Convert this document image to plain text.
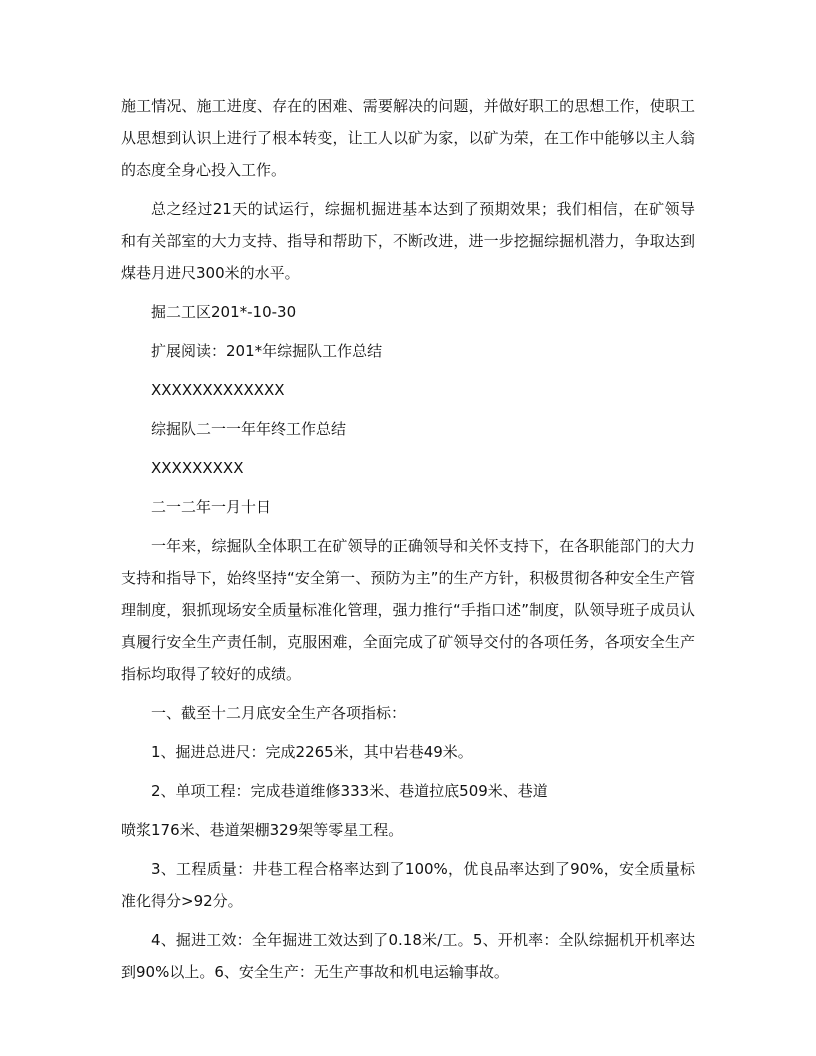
施工情况、施工进度、存在的困难、需要解决的问题，并做好职工的思想工作，使职工从思想到认识上进行了根本转变，让工人以矿为家，以矿为荣，在工作中能够以主人翁的态度全身心投入工作。

总之经过21天的试运行，综掘机掘进基本达到了预期效果；我们相信，在矿领导和有关部室的大力支持、指导和帮助下，不断改进，进一步挖掘综掘机潜力，争取达到煤巷月进尺300米的水平。

掘二工区201*-10-30

扩展阅读：201*年综掘队工作总结

XXXXXXXXXXXXX

综掘队二一一年年终工作总结

XXXXXXXXX

二一二年一月十日

一年来，综掘队全体职工在矿领导的正确领导和关怀支持下，在各职能部门的大力支持和指导下，始终坚持“安全第一、预防为主”的生产方针，积极贯彻各种安全生产管理制度，狠抓现场安全质量标准化管理，强力推行“手指口述”制度，队领导班子成员认真履行安全生产责任制，克服困难，全面完成了矿领导交付的各项任务，各项安全生产指标均取得了较好的成绩。

一、截至十二月底安全生产各项指标：

1、掘进总进尺：完成2265米，其中岩巷49米。

2、单项工程：完成巷道维修333米、巷道拉底509米、巷道

喷浆176米、巷道架棚329架等零星工程。

3、工程质量：井巷工程合格率达到了100%，优良品率达到了90%，安全质量标准化得分>92分。

4、掘进工效：全年掘进工效达到了0.18米/工。5、开机率：全队综掘机开机率达到90%以上。6、安全生产：无生产事故和机电运输事故。
